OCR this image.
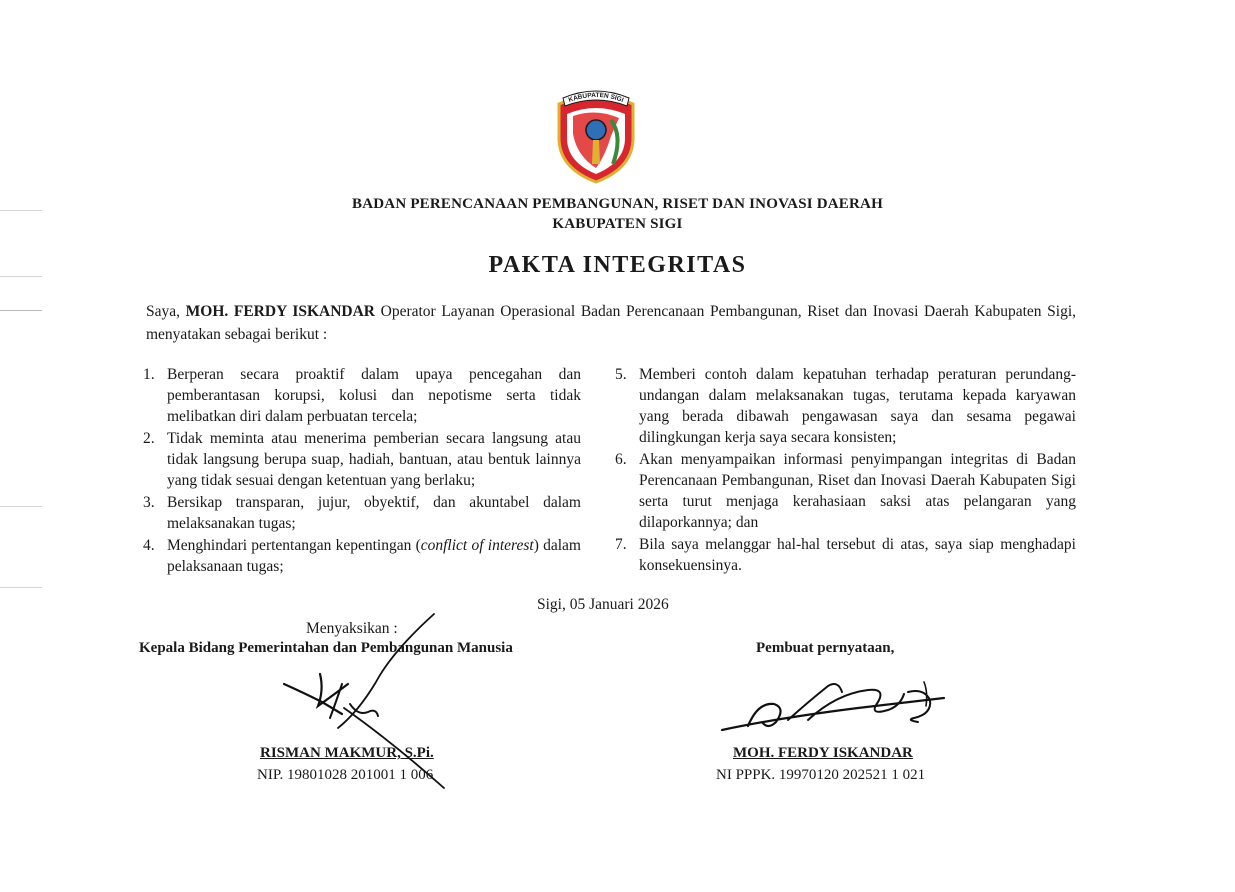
KABUPATEN SIGI
BADAN PERENCANAAN PEMBANGUNAN, RISET DAN INOVASI DAERAH
KABUPATEN SIGI
PAKTA INTEGRITAS
Saya, MOH. FERDY ISKANDAR Operator Layanan Operasional Badan Perencanaan Pembangunan, Riset dan Inovasi Daerah Kabupaten Sigi, menyatakan sebagai berikut :
1. Berperan secara proaktif dalam upaya pencegahan dan pemberantasan korupsi, kolusi dan nepotisme serta tidak melibatkan diri dalam perbuatan tercela;
2. Tidak meminta atau menerima pemberian secara langsung atau tidak langsung berupa suap, hadiah, bantuan, atau bentuk lainnya yang tidak sesuai dengan ketentuan yang berlaku;
3. Bersikap transparan, jujur, obyektif, dan akuntabel dalam melaksanakan tugas;
4. Menghindari pertentangan kepentingan (conflict of interest) dalam pelaksanaan tugas;
5. Memberi contoh dalam kepatuhan terhadap peraturan perundang-undangan dalam melaksanakan tugas, terutama kepada karyawan yang berada dibawah pengawasan saya dan sesama pegawai dilingkungan kerja saya secara konsisten;
6. Akan menyampaikan informasi penyimpangan integritas di Badan Perencanaan Pembangunan, Riset dan Inovasi Daerah Kabupaten Sigi serta turut menjaga kerahasiaan saksi atas pelangaran yang dilaporkannya; dan
7. Bila saya melanggar hal-hal tersebut di atas, saya siap menghadapi konsekuensinya.
Sigi, 05 Januari 2026
Menyaksikan :
Kepala Bidang Pemerintahan dan Pembangunan Manusia	Pembuat pernyataan,
RISMAN MAKMUR, S.Pi.
NIP. 19801028 201001 1 006
MOH. FERDY ISKANDAR
NI PPPK. 19970120 202521 1 021
